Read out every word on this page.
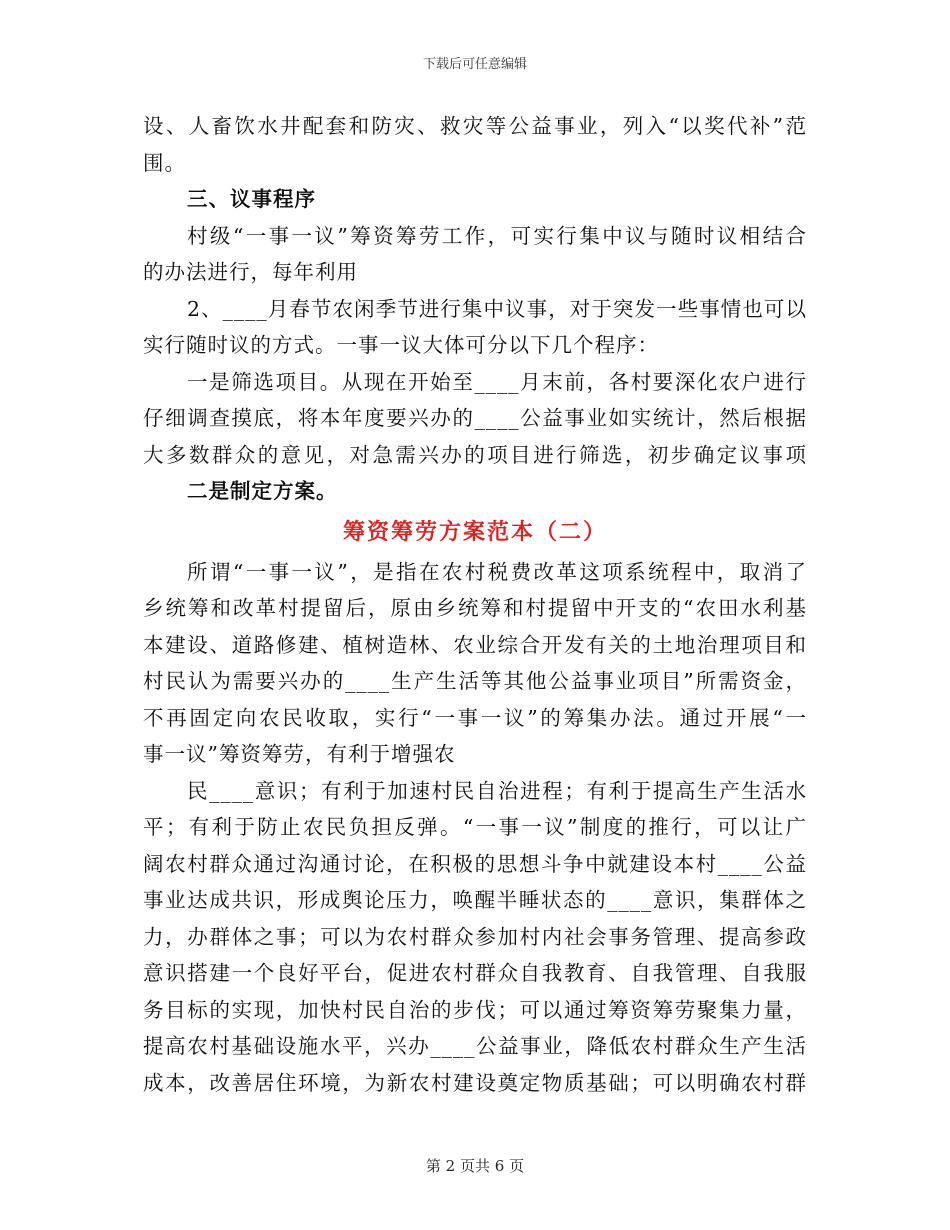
下载后可任意编辑
设、人畜饮水井配套和防灾、救灾等公益事业，列入“以奖代补”范
围。
三、议事程序
村级“一事一议”筹资筹劳工作，可实行集中议与随时议相结合
的办法进行，每年利用
2、____月春节农闲季节进行集中议事，对于突发一些事情也可以
实行随时议的方式。一事一议大体可分以下几个程序：
一是筛选项目。从现在开始至____月末前，各村要深化农户进行
仔细调查摸底，将本年度要兴办的____公益事业如实统计，然后根据
大多数群众的意见，对急需兴办的项目进行筛选，初步确定议事项
二是制定方案。
筹资筹劳方案范本（二）
所谓“一事一议”，是指在农村税费改革这项系统程中，取消了
乡统筹和改革村提留后，原由乡统筹和村提留中开支的“农田水利基
本建设、道路修建、植树造林、农业综合开发有关的土地治理项目和
村民认为需要兴办的____生产生活等其他公益事业项目”所需资金，
不再固定向农民收取，实行“一事一议”的筹集办法。通过开展“一
事一议”筹资筹劳，有利于增强农
民____意识；有利于加速村民自治进程；有利于提高生产生活水
平；有利于防止农民负担反弹。“一事一议”制度的推行，可以让广
阔农村群众通过沟通讨论，在积极的思想斗争中就建设本村____公益
事业达成共识，形成舆论压力，唤醒半睡状态的____意识，集群体之
力，办群体之事；可以为农村群众参加村内社会事务管理、提高参政
意识搭建一个良好平台，促进农村群众自我教育、自我管理、自我服
务目标的实现，加快村民自治的步伐；可以通过筹资筹劳聚集力量，
提高农村基础设施水平，兴办____公益事业，降低农村群众生产生活
成本，改善居住环境，为新农村建设奠定物质基础；可以明确农村群
第 2 页共 6 页
